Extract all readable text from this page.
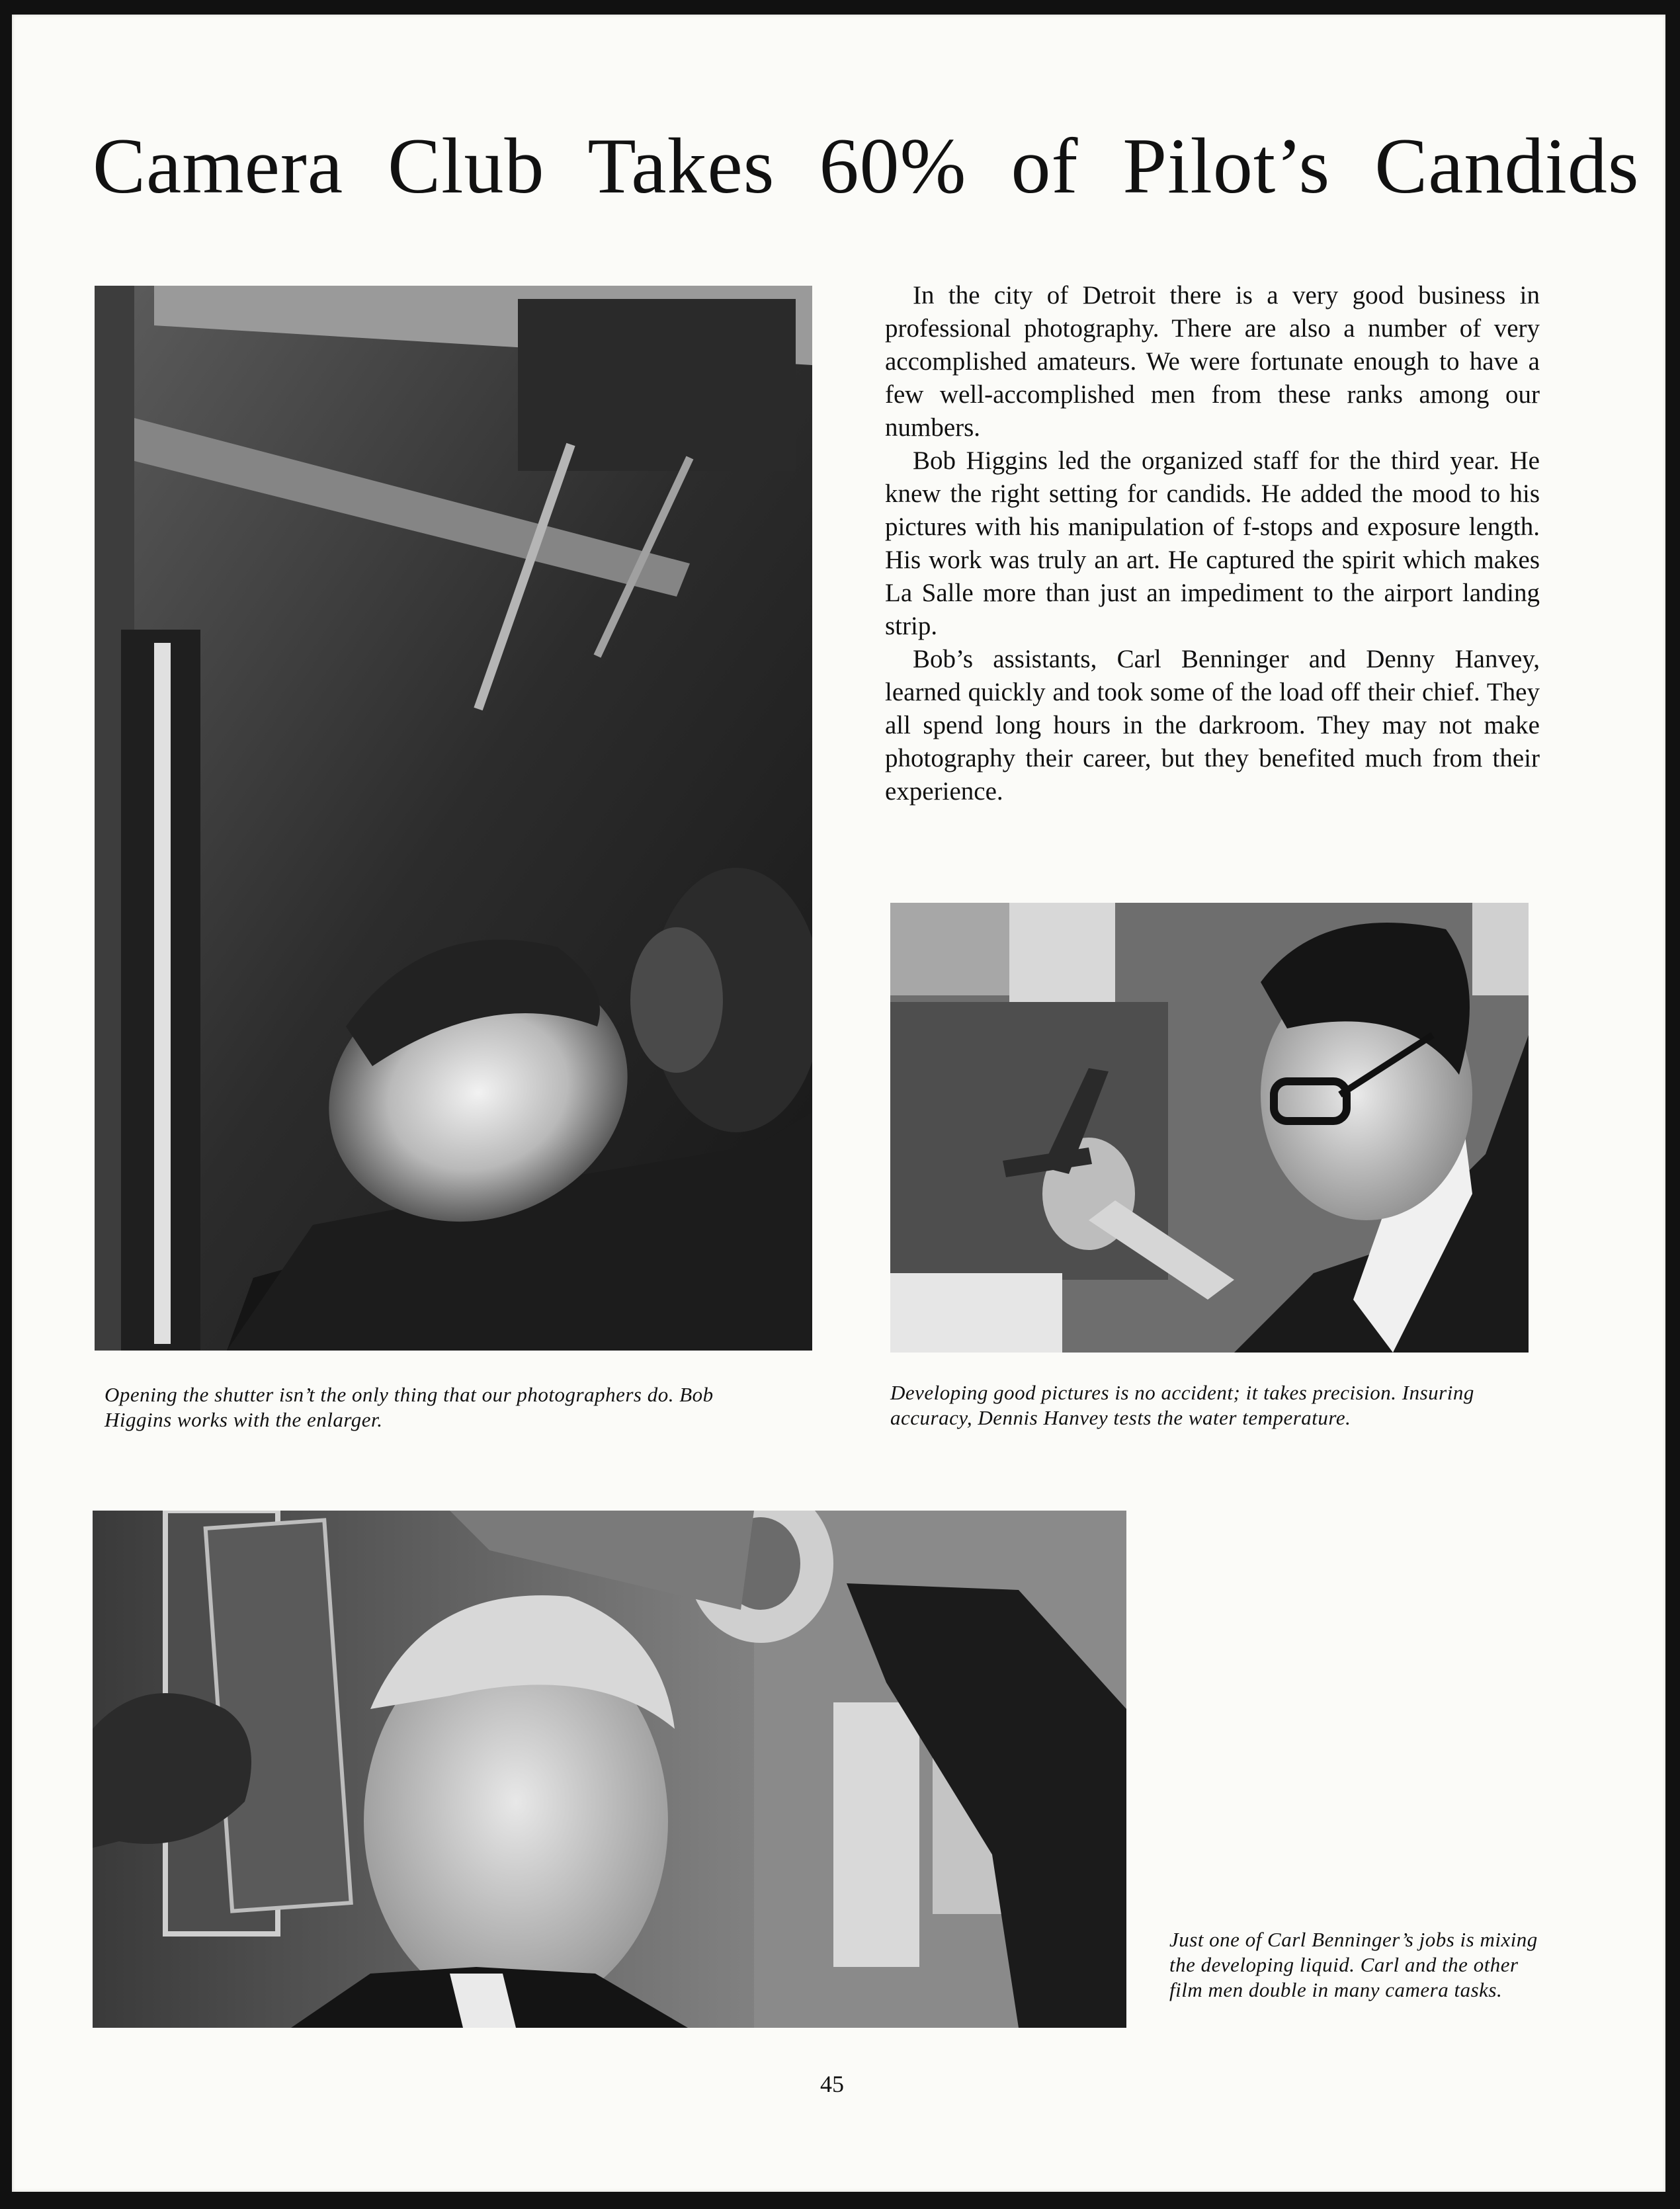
Camera Club Takes 60% of Pilot’s Candids

In the city of Detroit there is a very good business in professional photography. There are also a number of very accomplished amateurs. We were fortunate enough to have a few well-accomplished men from these ranks among our numbers.

Bob Higgins led the organized staff for the third year. He knew the right setting for candids. He added the mood to his pictures with his manipulation of f-stops and exposure length. His work was truly an art. He captured the spirit which makes La Salle more than just an impediment to the airport landing strip.

Bob’s assistants, Carl Benninger and Denny Hanvey, learned quickly and took some of the load off their chief. They all spend long hours in the darkroom. They may not make photography their career, but they benefited much from their experience.

Opening the shutter isn’t the only thing that our photographers do. Bob Higgins works with the enlarger.
Developing good pictures is no accident; it takes precision. Insuring accuracy, Dennis Hanvey tests the water temperature.
Just one of Carl Benninger’s jobs is mixing the developing liquid. Carl and the other film men double in many camera tasks.
45
